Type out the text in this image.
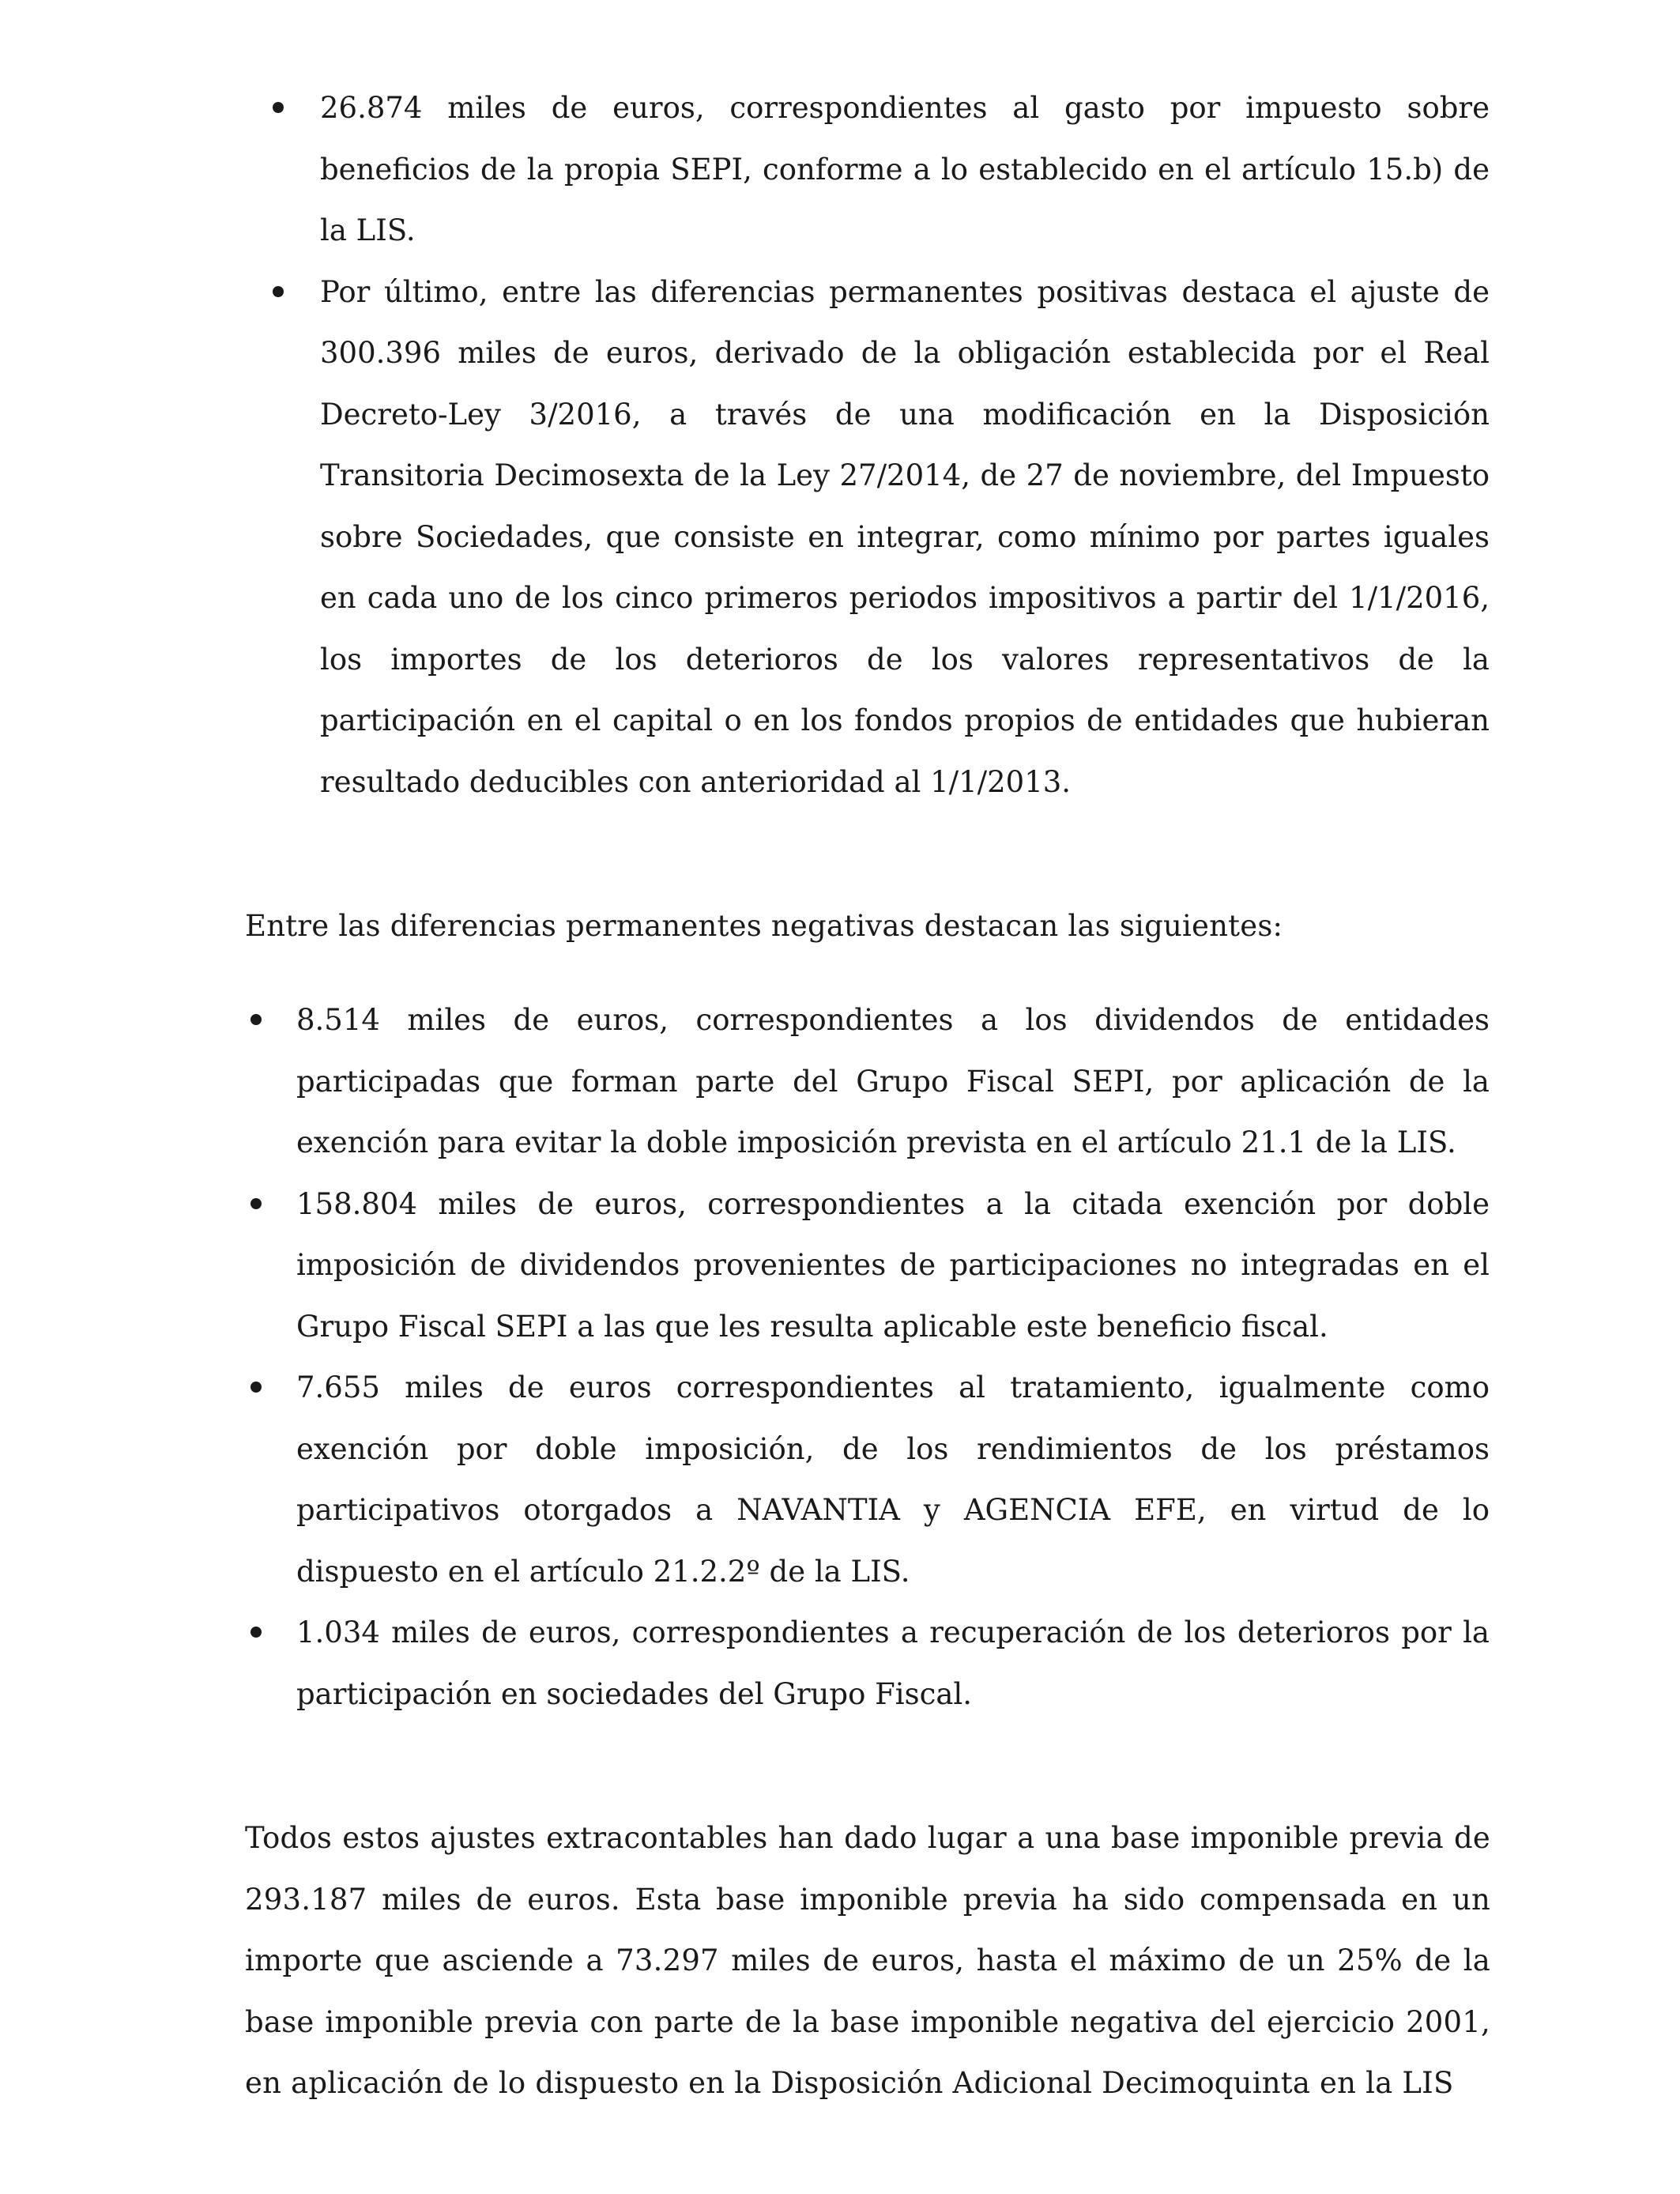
26.874 miles de euros, correspondientes al gasto por impuesto sobre beneficios de la propia SEPI, conforme a lo establecido en el artículo 15.b) de la LIS.
Por último, entre las diferencias permanentes positivas destaca el ajuste de 300.396 miles de euros, derivado de la obligación establecida por el Real Decreto-Ley 3/2016, a través de una modificación en la Disposición Transitoria Decimosexta de la Ley 27/2014, de 27 de noviembre, del Impuesto sobre Sociedades, que consiste en integrar, como mínimo por partes iguales en cada uno de los cinco primeros periodos impositivos a partir del 1/1/2016, los importes de los deterioros de los valores representativos de la participación en el capital o en los fondos propios de entidades que hubieran resultado deducibles con anterioridad al 1/1/2013.

Entre las diferencias permanentes negativas destacan las siguientes:

8.514 miles de euros, correspondientes a los dividendos de entidades participadas que forman parte del Grupo Fiscal SEPI, por aplicación de la exención para evitar la doble imposición prevista en el artículo 21.1 de la LIS.
158.804 miles de euros, correspondientes a la citada exención por doble imposición de dividendos provenientes de participaciones no integradas en el Grupo Fiscal SEPI a las que les resulta aplicable este beneficio fiscal.
7.655 miles de euros correspondientes al tratamiento, igualmente como exención por doble imposición, de los rendimientos de los préstamos participativos otorgados a NAVANTIA y AGENCIA EFE, en virtud de lo dispuesto en el artículo 21.2.2º de la LIS.
1.034 miles de euros, correspondientes a recuperación de los deterioros por la participación en sociedades del Grupo Fiscal.

Todos estos ajustes extracontables han dado lugar a una base imponible previa de 293.187 miles de euros. Esta base imponible previa ha sido compensada en un importe que asciende a 73.297 miles de euros, hasta el máximo de un 25% de la base imponible previa con parte de la base imponible negativa del ejercicio 2001, en aplicación de lo dispuesto en la Disposición Adicional Decimoquinta en la LIS
